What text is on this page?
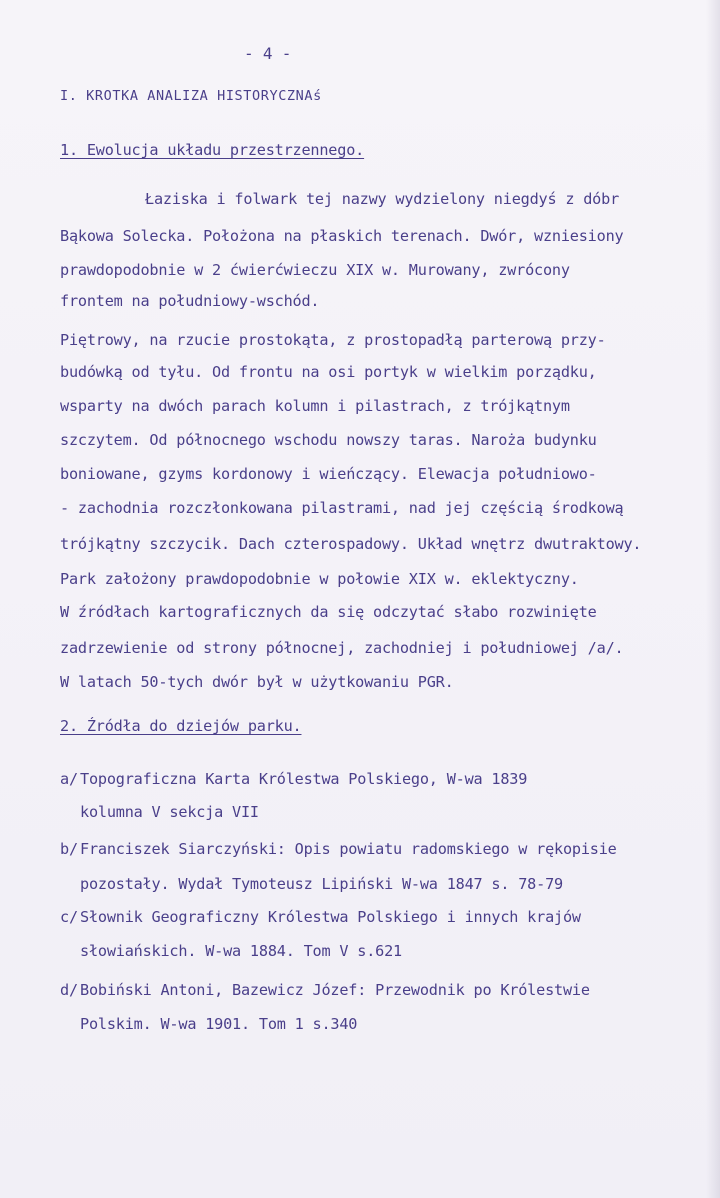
- 4 -
I. KROTKA ANALIZA HISTORYCZNAś
1. Ewolucja układu przestrzennego.
Łaziska i folwark tej nazwy wydzielony niegdyś z dóbr
Bąkowa Solecka. Położona na płaskich terenach. Dwór, wzniesiony
prawdopodobnie w 2 ćwierćwieczu XIX w. Murowany, zwrócony
frontem na południowy-wschód.
Piętrowy, na rzucie prostokąta, z prostopadłą parterową przy-
budówką od tyłu. Od frontu na osi portyk w wielkim porządku,
wsparty na dwóch parach kolumn i pilastrach, z trójkątnym
szczytem. Od północnego wschodu nowszy taras. Naroża budynku
boniowane, gzyms kordonowy i wieńczący. Elewacja południowo-
- zachodnia rozczłonkowana pilastrami, nad jej częścią środkową
trójkątny szczycik. Dach czterospadowy. Układ wnętrz dwutraktowy.
Park założony prawdopodobnie w połowie XIX w. eklektyczny.
W źródłach kartograficznych da się odczytać słabo rozwinięte
zadrzewienie od strony północnej, zachodniej i południowej /a/.
W latach 50-tych dwór był w użytkowaniu PGR.
2. Źródła do dziejów parku.
a/ Topograficzna Karta Królestwa Polskiego, W-wa 1839
kolumna V sekcja VII
b/ Franciszek Siarczyński: Opis powiatu radomskiego w rękopisie
pozostały. Wydał Tymoteusz Lipiński W-wa 1847 s. 78-79
c/ Słownik Geograficzny Królestwa Polskiego i innych krajów
słowiańskich. W-wa 1884. Tom V s.621
d/ Bobiński Antoni, Bazewicz Józef: Przewodnik po Królestwie
Polskim. W-wa 1901. Tom 1 s.340
